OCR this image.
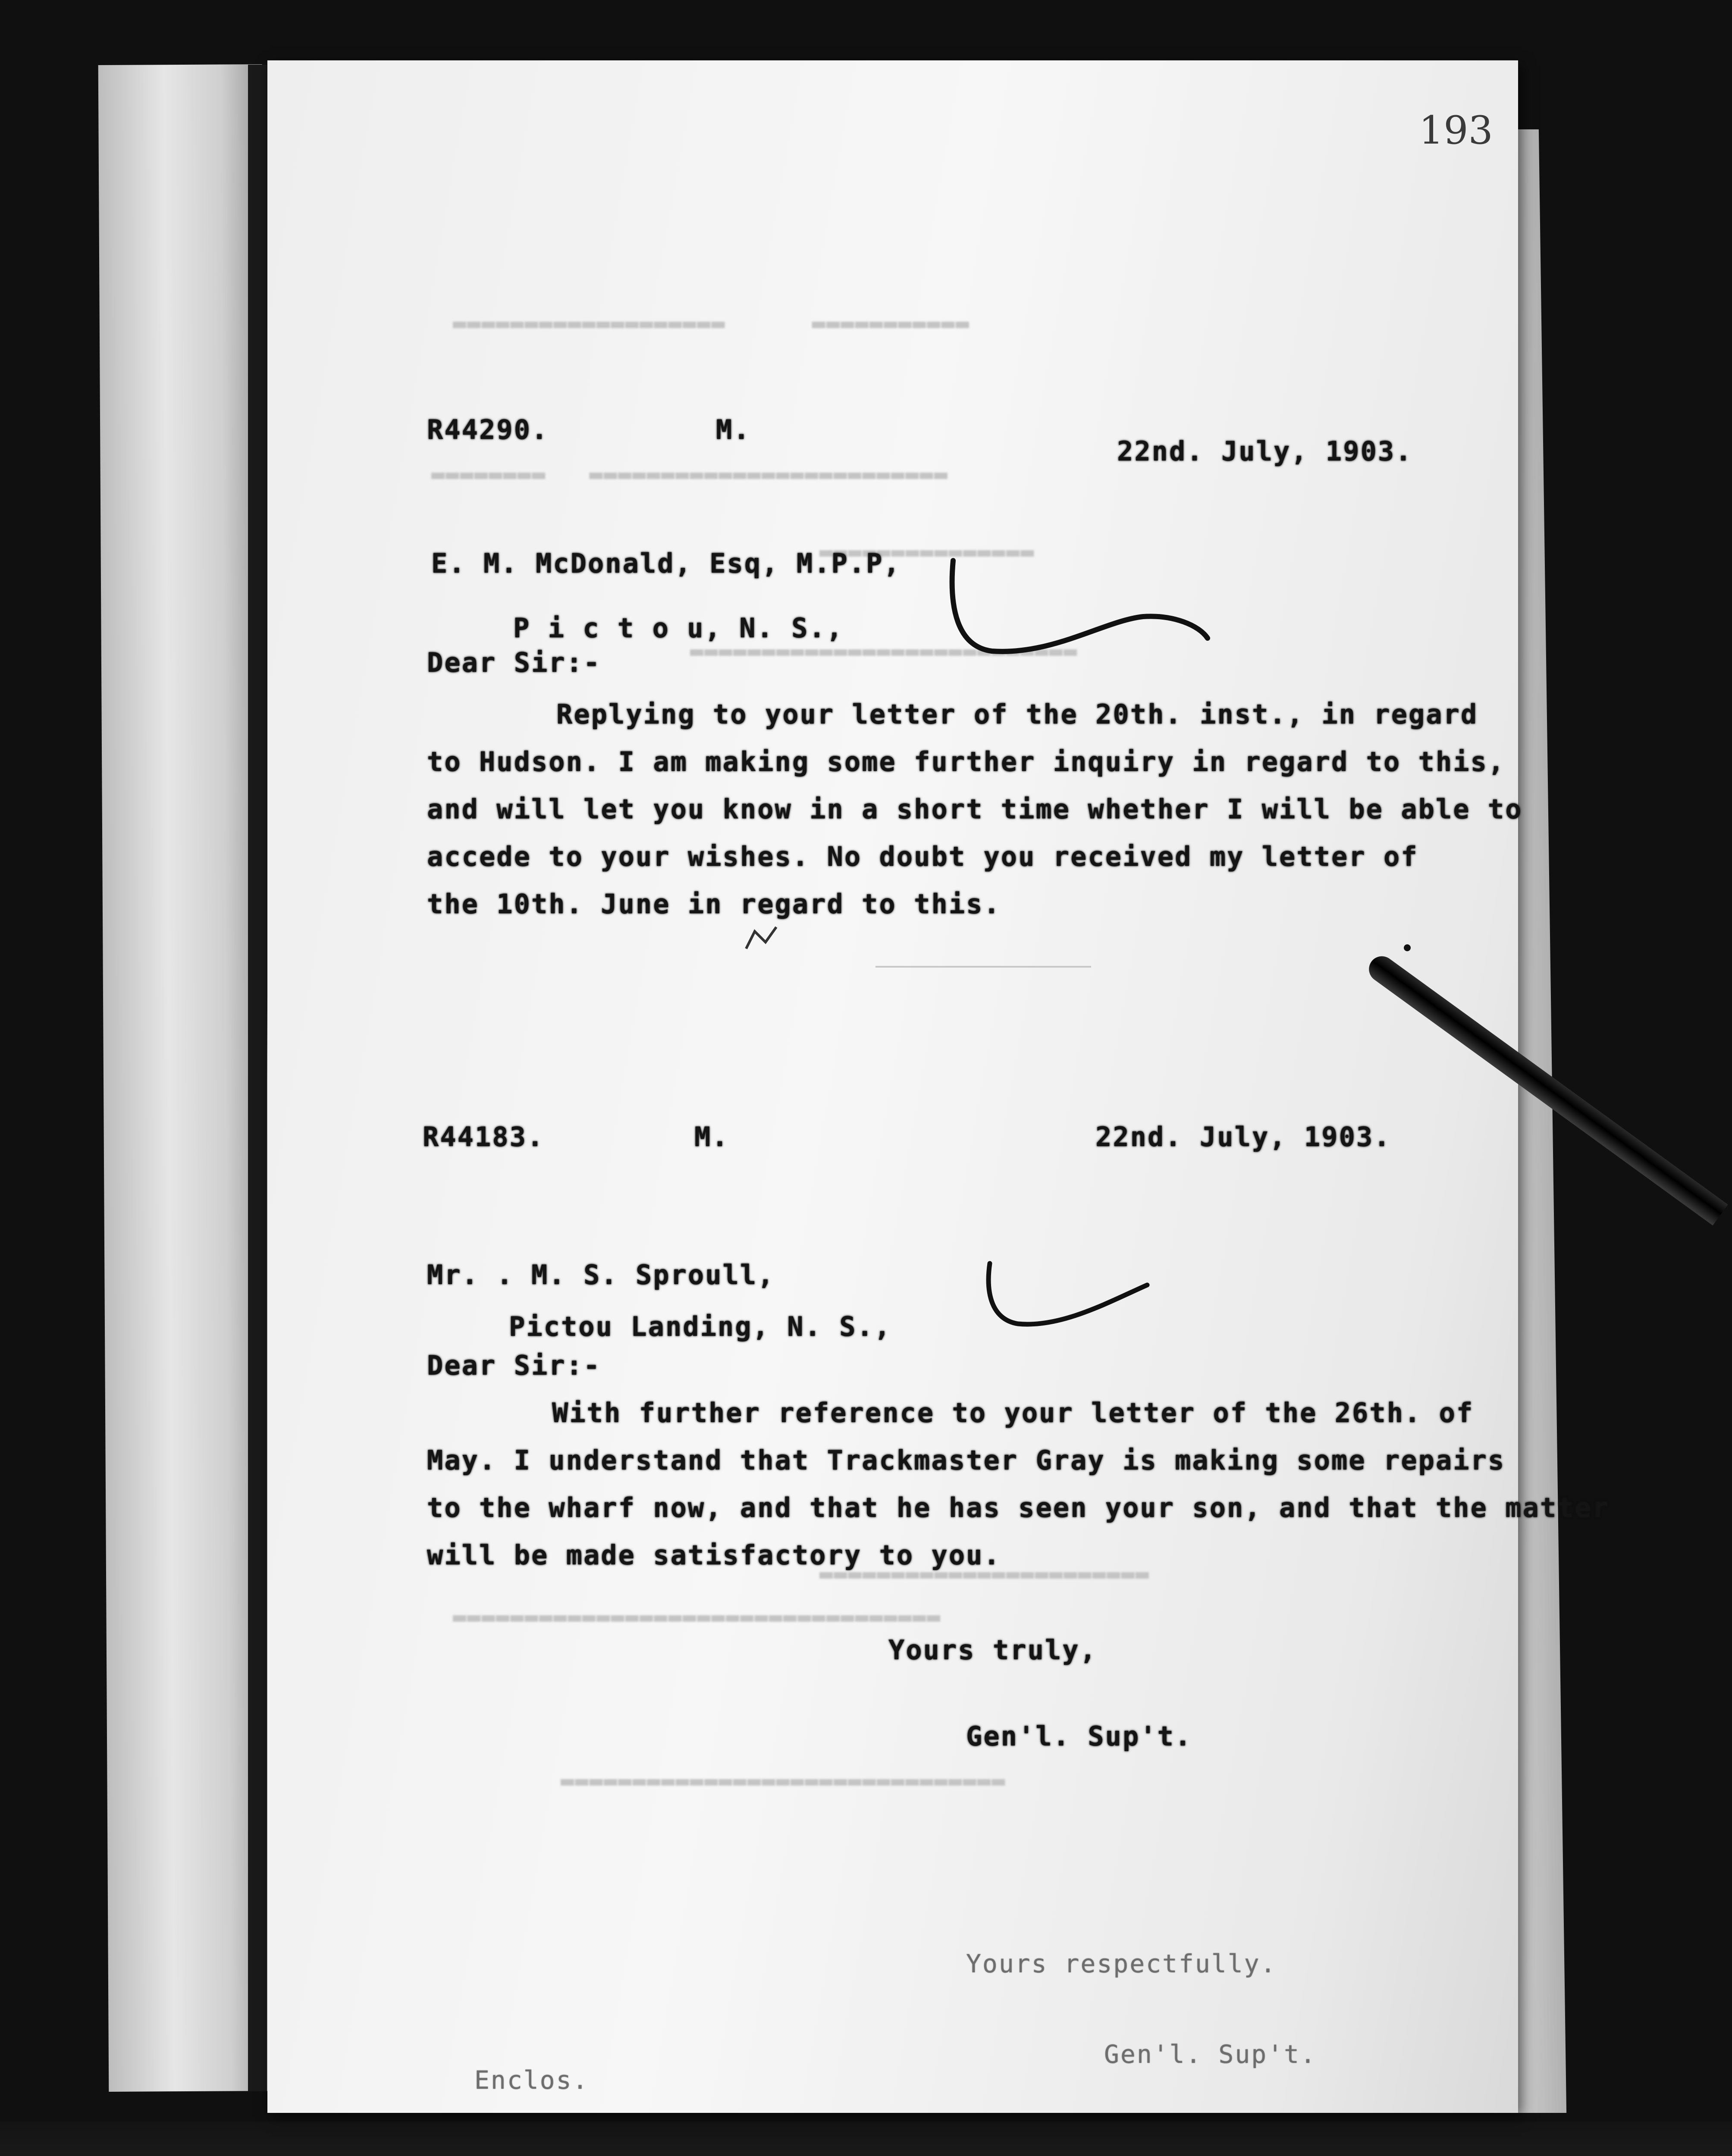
▬▬▬▬▬▬▬▬▬▬▬▬▬▬▬▬▬▬▬      ▬▬▬▬▬▬▬▬▬▬▬
▬▬▬▬▬▬▬▬   ▬▬▬▬▬▬▬▬▬▬▬▬▬▬▬▬▬▬▬▬▬▬▬▬▬
▬▬▬▬▬▬▬▬▬▬▬▬▬▬▬
▬▬▬▬▬▬▬▬▬▬▬▬▬▬▬▬▬▬▬▬▬▬▬▬▬▬▬
▬▬▬▬▬▬▬▬▬▬▬▬▬▬▬▬▬▬▬▬▬▬▬
▬▬▬▬▬▬▬▬▬▬▬▬▬▬▬▬▬▬▬▬▬▬▬▬▬▬▬▬▬▬▬▬▬▬
▬▬▬▬▬▬▬▬▬▬▬▬▬▬▬▬▬▬▬▬▬▬▬▬▬▬▬▬▬▬▬
193
R44290.	M.
22nd. July, 1903.
E. M. McDonald, Esq, M.P.P,
P i c t o u, N. S.,
Dear Sir:-
Replying to your letter of the 20th. inst., in regard
to Hudson. I am making some further inquiry in regard to this,
and will let you know in a short time whether I will be able to
accede to your wishes. No doubt you received my letter of
the 10th. June in regard to this.
R44183.	M.	22nd. July, 1903.
Mr. . M. S. Sproull,
Pictou Landing, N. S.,
Dear Sir:-
With further reference to your letter of the 26th. of
May. I understand that Trackmaster Gray is making some repairs
to the wharf now, and that he has seen your son, and that the matter
will be made satisfactory to you.
Yours truly,
Gen'l. Sup't.
Yours respectfully.
Gen'l. Sup't.
Enclos.
